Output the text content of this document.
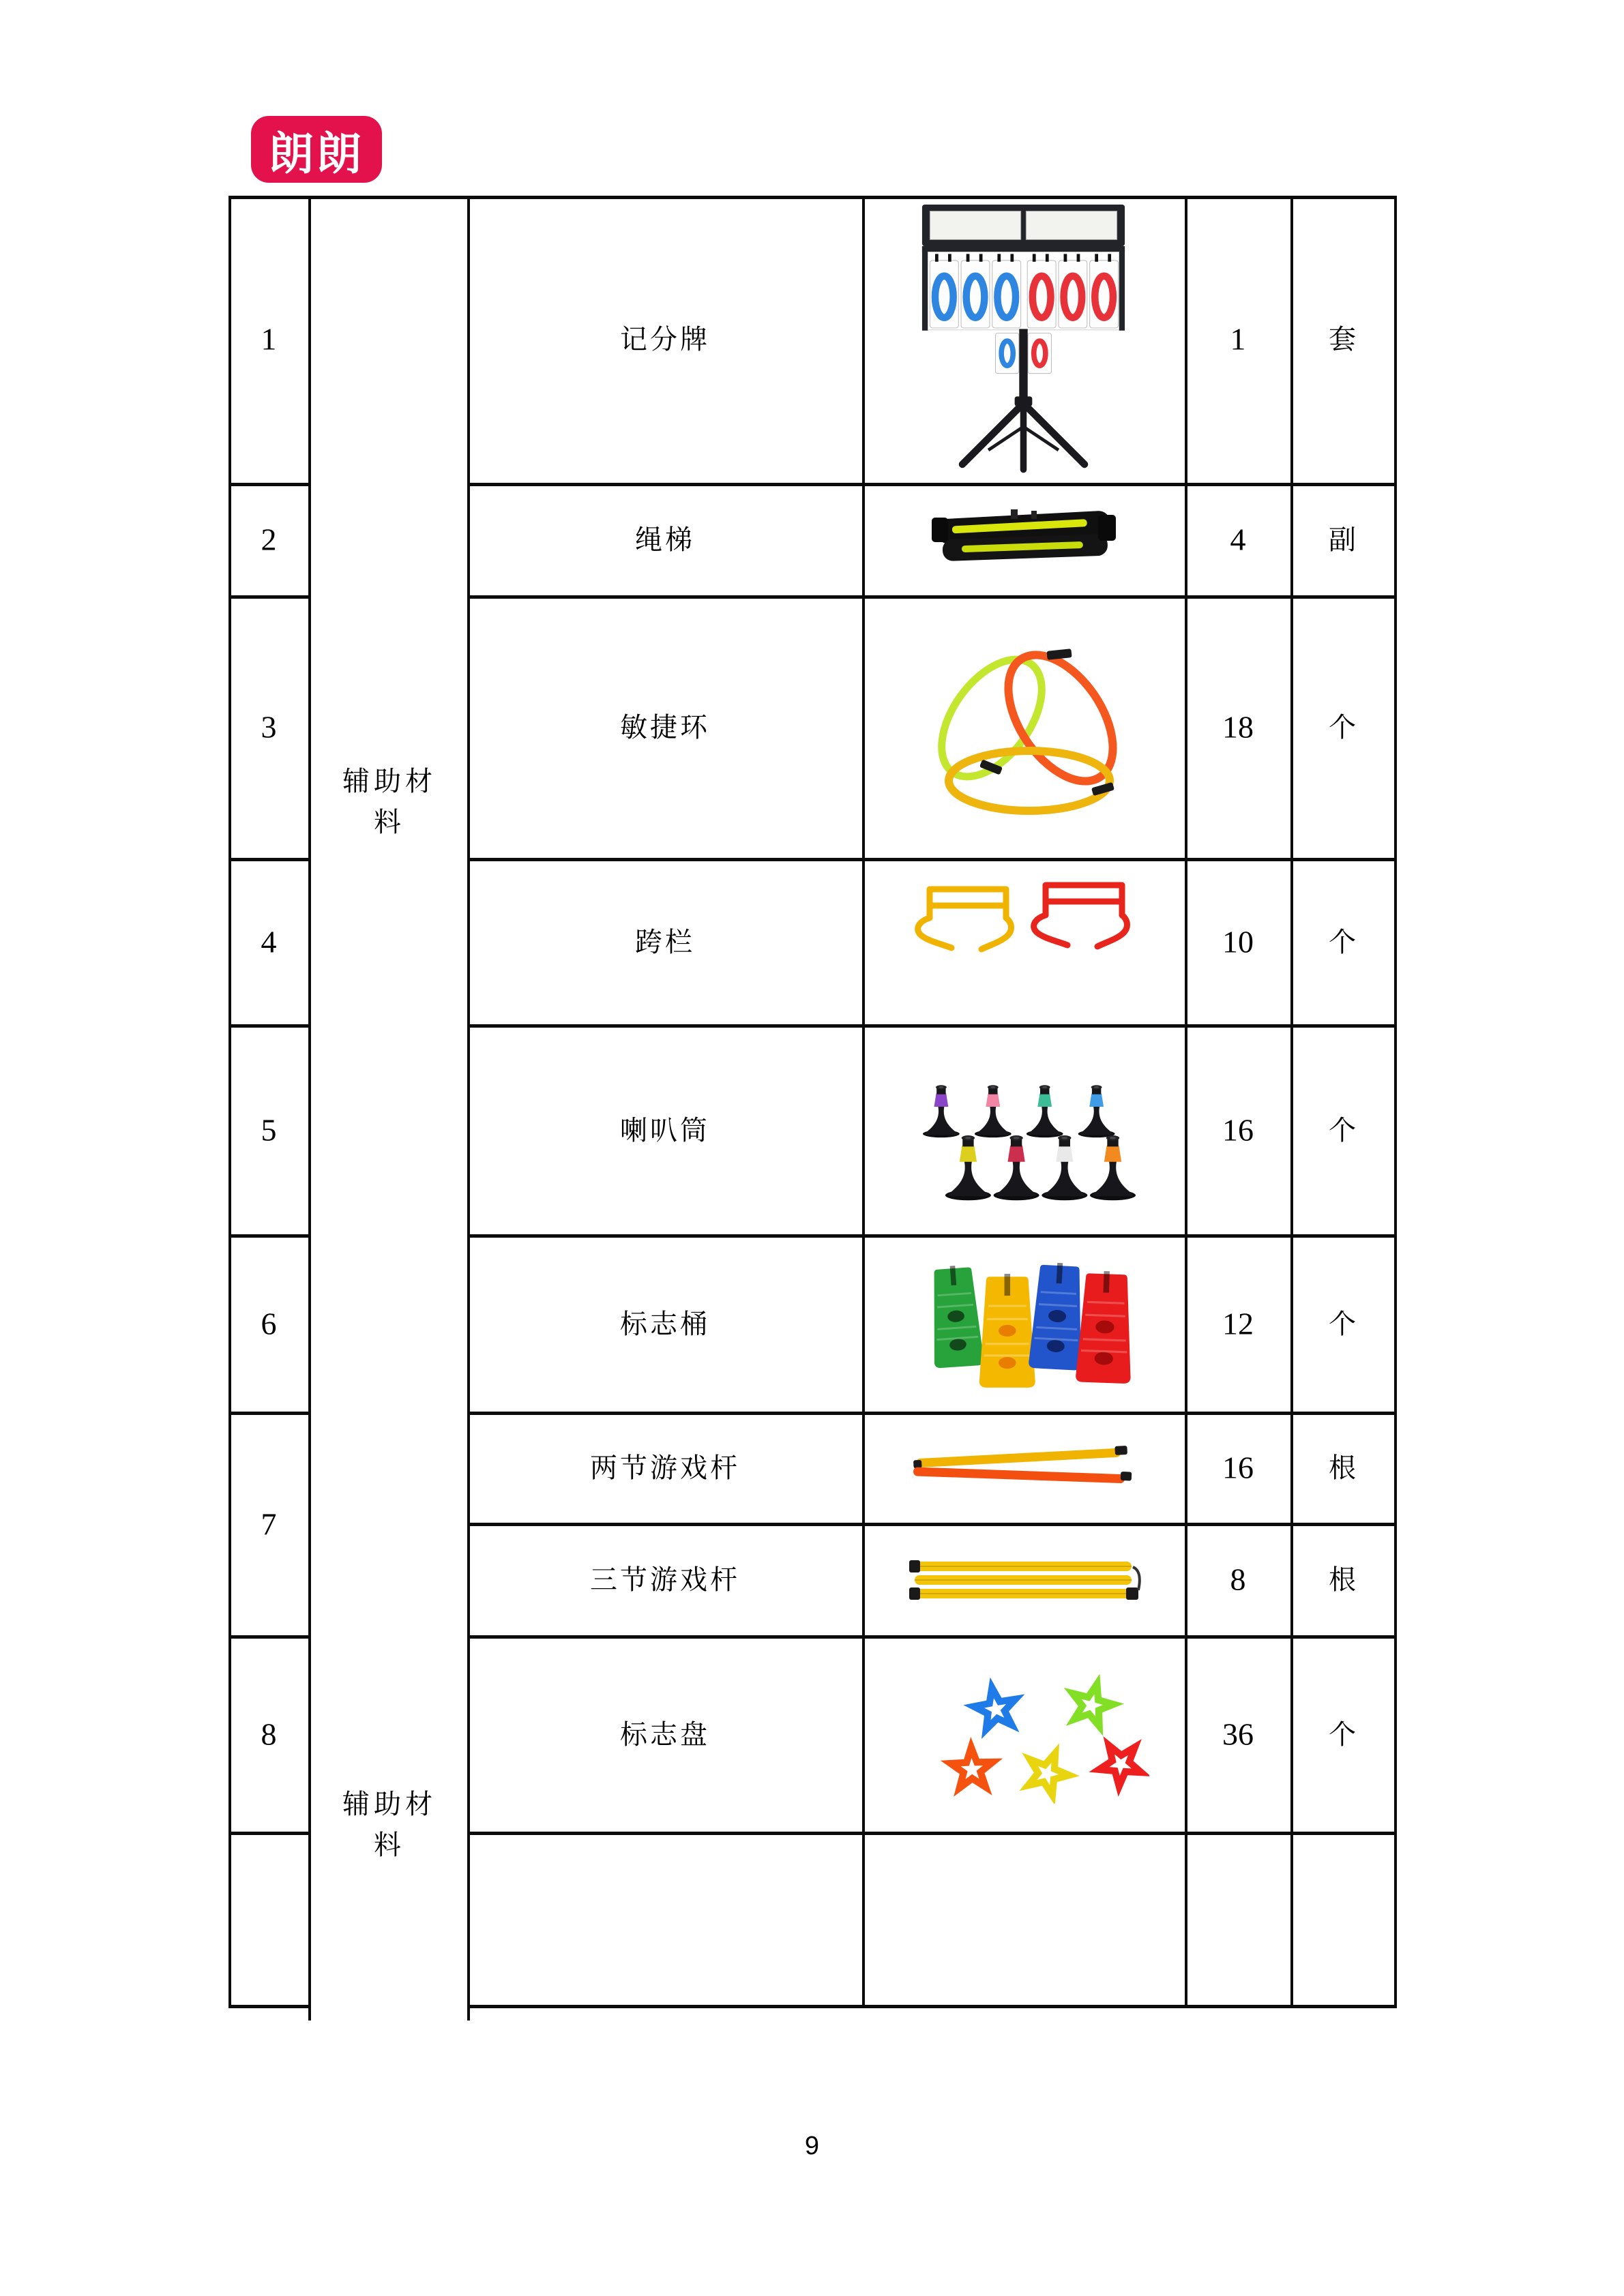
朗朗
1
2
3
4
5
6
7
8
辅助材料
辅助材料
记分牌
绳梯
敏捷环
跨栏
喇叭筒
标志桶
两节游戏杆
三节游戏杆
标志盘
1
4
18
10
16
12
16
8
36
套
副
个
个
个
个
根
根
个
9
